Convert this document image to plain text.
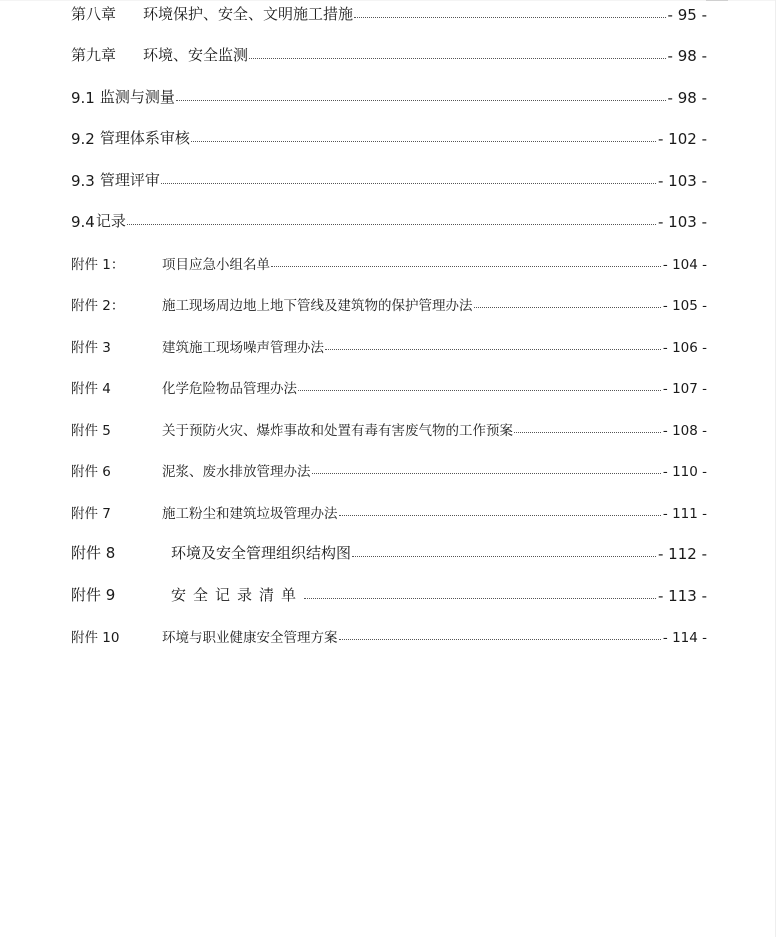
第八章	环境保护、安全、文明施工措施	- 95 -
第九章	环境、安全监测	- 98 -
9.1 监测与测量	- 98 -
9.2 管理体系审核	- 102 -
9.3 管理评审	- 103 -
9.4 记录	- 103 -
附件 1：	项目应急小组名单	- 104 -
附件 2：	施工现场周边地上地下管线及建筑物的保护管理办法	- 105 -
附件 3	建筑施工现场噪声管理办法	- 106 -
附件 4	化学危险物品管理办法	- 107 -
附件 5	关于预防火灾、爆炸事故和处置有毒有害废气物的工作预案	- 108 -
附件 6	泥浆、废水排放管理办法	- 110 -
附件 7	施工粉尘和建筑垃圾管理办法	- 111 -
附件 8	环境及安全管理组织结构图	- 112 -
附件 9	安全记录清单	- 113 -
附件 10	环境与职业健康安全管理方案	- 114 -
